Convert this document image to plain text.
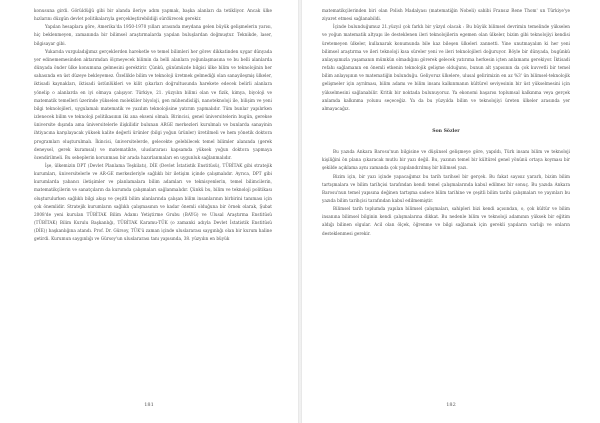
konusuna girdi. Görüldüğü gibi bir alanda ileriye adım yapmak, başka alanları da tetikliyor. Ancak ülke hızlarını düzgün devlet politikalarıyla gerçekleştirebildiği sürdürecek gerekir.

Yapılan hesaplara göre, Amerika'da 1950-1970 yılları arasında meydana gelen büyük gelişmelerin yarısı, hiç beklenmeyen, zamanında bir bilimsel araştırmalarda yapılan buluşlardan doğmuştur. Teknikde, laser, bilgisayar gibi.

Yukarıda vurguladığımız gerçeklerden hareketle ve temel bilimleri her görev dikkatinden uygar dünyada yer edinememesinden aktarımdan ölçmeyecek bilimin da belli alanlara yoğunlaşmasına ve bu belli alanlarda dünyada önder ülke konumuna gelmesini gerektirir. Çünkü, günümüzde bilgisi ülke bilim ve teknolojinin her sahasında en üst düzeye bekleyemez. Özellikle bilim ve teknoloji üretmek gelmediği olan sanayileşmiş ülkeler, iktisadi kaynakları, iktisadi üstünlükleri ve kilit çıkarları doğrultusunda harekete edecek belirli alanlara yönelip o alanlarda en iyi olmaya çalışıyor. Türkiye, 21. yüzyılın bilimi olan ve fizik, kimya, biyoloji ve matematik temelleri üzerinde yükselen moleküler biyoloji, gen mühendisliği, nanoteknoloji ile, bilişim ve yeni bilgi teknolojileri, uygulamalı matematik ve yazılım teknolojisine yatırım yapmalıdır. Tüm bunlar yapılırken izlenecek bilim ve teknoloji politikasının iki ana ekseni olmalı. Birincisi, genel üniversitelerin bugün, gerekse üniversite dışında ama üniversitelerle ilişkilidir bulunan ARGE merkezleri kurulmalı ve bunlarda sanayinin ihtiyacına karşılayacak yüksek kalite değerli ürünler (bilgi yoğun ürünler) üretilmeli ve hem yönetik doktora programları oluşturulmalı. İkincisi, üniversitelerde, gelecekte gelebilecek temel bilimler alanında (gerek deneysel, gerek kuramsal) ve matematikte, uluslararası kapsamda yüksek yoğun doktora yapmaya özendirilmeli. Bu sebeplerin korunması bir arada hazırlanmaları en uygunluk sağlanmalıdır.

İşe, ülkemizin DPT (Devlet Planlama Teşkilatı), DİE (Devlet İstatistik Enstitüsü), TÜBİTAK gibi stratejik kurumları, üniversitelerle ve AR-GE merkezleriyle sağlıklı bir iletişim içinde çalışmalıdır. Ayrıca, DPT gibi kurumlarda yabancı iletişimler ve planlamalara bilim adamları ve teknisyenlerin, temel bilimcilerin, matematikçilerin ve sanatçıların da kurumda çalışmaları sağlanmalıdır. Çünkü bu, bilim ve teknoloji politikası oluşturulurken sağlıklı bilgi akışı ve çeşitli bilim alanlarında çalışan bilim insanlarının birbirini tanıması için çok önemlidir. Stratejik kurumların sağlıklı çalışmasının ve kadar önemli olduğuna bir örnek olarak, Şubat 2008'de yeni kurulan TÜBİTAK Bilim Adamı Yetiştirme Grubu (BAYG) ve Ulusal Araştırma Enstitüsü (TÜBİTAK) Bilim Kurulu Başkanlığı, TÜBİTAK Karamu-TÜK (o zamanki adıyla Devlet İstatistik Enstitüsü (DİE)) başkanlığına atandı. Prof. Dr. Gürsoy, TÜK'ü zaman içinde uluslararası saygınlığı olan bir kurum haline getirdi. Kurumun saygınlığı ve Gürsoy'un uluslararası tanı yapısında, 38. yüzyılın en büyük

181

matematikçilerinden biri olan Polish Madalyası (matematiğin Nobeli) sahibi Fransız Rene Thom' un Türkiye'ye ziyaret etmesi sağlanabildi.

İçinde bulunduğumuz 21.yüzyıl çok farklı bir yüzyıl olacak : Bu büyük bilimsel devrimin temelinde yükselen ve yoğun matematik altyapı ile desteklenen ileri teknolojilerin egemen olan ülkeler, bizim gibi teknolojiyi kendisi üretemeyen ülkeler, kullanarak konumunda bile kaz bileşen ülkeleri zannetti. Yine unutmayalım ki her yeni bilimsel araştırma ve ileri teknoloji kısa süreler yeni ve ileri teknolojileri doğuruyor. Böyle bir dünyada, bugünkü anlayışımızla yaşamanın mümkün olmadığını görerek gelecek yatırıma herkesin içten anlamamı gerekiyor. İktisadi refahı sağlamanın en önemli etkenin teknolojik gelişme olduğunu, bunun alt yapısının da çok kuvvetli bir temel bilim anlayışının ve matematiğin bulunduğu. Geliyoruz ülkelere, ulusal gelirimizin en az %3' ün bilimsel-teknolojik gelişmeler için ayrılması, bilim adamı ve bilim insanı kalkınmanın kültürel seviyesinin bir üst yükselmesini için yükselmesini sağlanabilir. Kritik bir noktada bulunuyoruz. Ya ekonomi başarısı toplumsal kalkınma veya gerçek anlamda kalkınma yolunu seçeceğiz. Ya da bu yüzyılda bilim ve teknolojiyi üreten ülkeler arasında yer almayacağız.

Son Sözler

Bu yazıda Ankara Barosu'nun bilgisine ve düşünsel gelişmeye göre, yapıldı, Türk insanı bilim ve teknoloji kişiliğini ön plana çıkaracak mutlu bir yazı değil. Bu, yazının temel bir kültürel genel yönünü ortaya koyması bir şekilde açıklama aynı zamanda çok yapılandırılmış bir bilimsel yazı.

Bizim için, bir yazı içinde yapacağımız bu tarih tarihsel bir gerçek. Bu fakat sayısız yararlı, bizim bilim tartışmalara ve bilim tarihçisi tarafından kendi temel çalışmalarında kabul edilmez bir sonuç. Bu yazıda Ankara Barosu'nun temel yapısına değinen tartışma sadece bilim tarihine ve çeşitli bilim tarihi çalışmaları ve yayınları bu yazıda bilim tarihçisi tarafından kabul edilmemiştir.

Bilimsel tarih toplumda yapılan bilimsel çalışmaları, sahipleri bizi kendi açısından, o, çok kültür ve bilim insanına bilimsel bilginin kendi çalışmalarına dikkat. Bu nedenle bilim ve teknoloji adamının yüksek bir eğitim aldığı bilinen olgular. Acil olan ölçek, öğrenme ve bilgi sağlamak için gerekli yapıların varlığı ve onların desteklenmesi gerekir.

182
